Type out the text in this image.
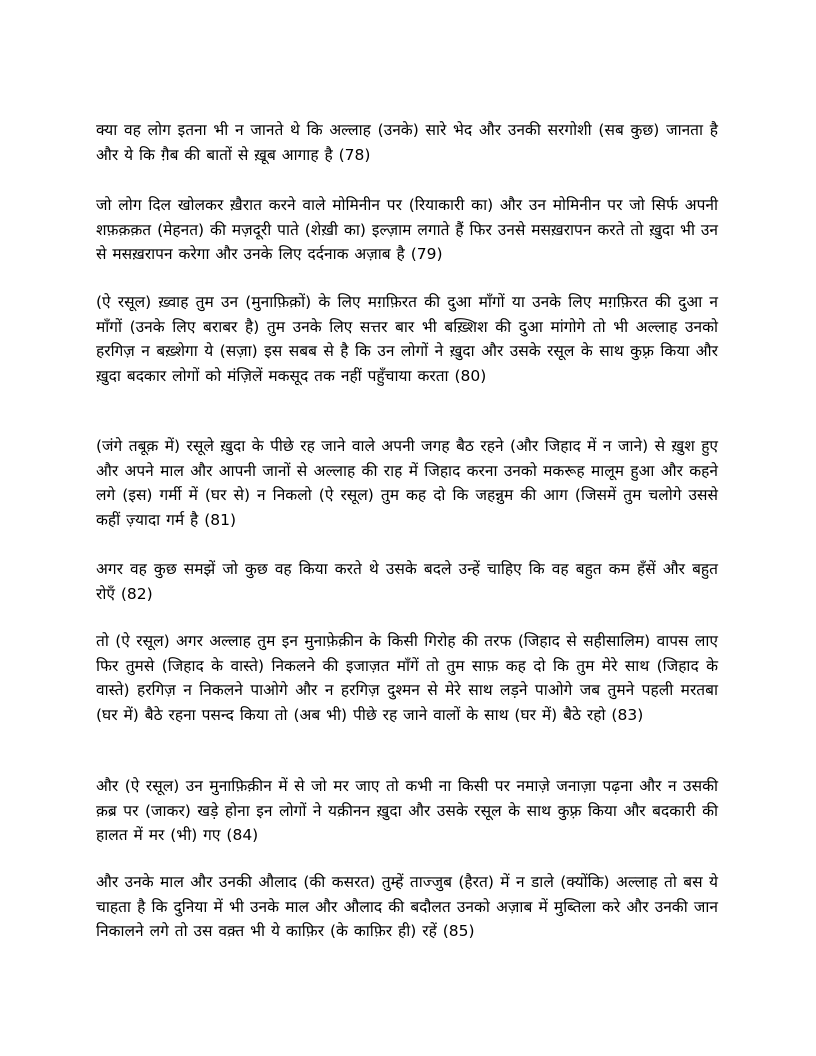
क्या वह लोग इतना भी न जानते थे कि अल्लाह (उनके) सारे भेद और उनकी सरगोशी (सब कुछ) जानता है और ये कि ग़ैब की बातों से ख़ूब आगाह है (78)

जो लोग दिल खोलकर ख़ैरात करने वाले मोमिनीन पर (रियाकारी का) और उन मोमिनीन पर जो सिर्फ अपनी शफ़क़क़त (मेहनत) की मज़दूरी पाते (शेख़ी का) इल्ज़ाम लगाते हैं फिर उनसे मसख़रापन करते तो ख़ुदा भी उन से मसख़रापन करेगा और उनके लिए दर्दनाक अज़ाब है (79)

(ऐ रसूल) ख़्वाह तुम उन (मुनाफ़िक़ों) के लिए मग़फ़िरत की दुआ माँगों या उनके लिए मग़फ़िरत की दुआ न माँगों (उनके लिए बराबर है) तुम उनके लिए सत्तर बार भी बख़्शिश की दुआ मांगोगे तो भी अल्लाह उनको हरगिज़ न बख़्शेगा ये (सज़ा) इस सबब से है कि उन लोगों ने ख़ुदा और उसके रसूल के साथ कुफ़्र किया और ख़ुदा बदकार लोगों को मंज़िलें मकसूद तक नहीं पहुँचाया करता (80)

(जंगे तबूक़ में) रसूले ख़ुदा के पीछे रह जाने वाले अपनी जगह बैठ रहने (और जिहाद में न जाने) से ख़ुश हुए और अपने माल और आपनी जानों से अल्लाह की राह में जिहाद करना उनको मकरूह मालूम हुआ और कहने लगे (इस) गर्मी में (घर से) न निकलो (ऐ रसूल) तुम कह दो कि जहन्नुम की आग (जिसमें तुम चलोगे उससे कहीं ज़्यादा गर्म है (81)

अगर वह कुछ समझें जो कुछ वह किया करते थे उसके बदले उन्हें चाहिए कि वह बहुत कम हँसें और बहुत रोएँ (82)

तो (ऐ रसूल) अगर अल्लाह तुम इन मुनाफ़ेक़ीन के किसी गिरोह की तरफ (जिहाद से सहीसालिम) वापस लाए फिर तुमसे (जिहाद के वास्ते) निकलने की इजाज़त माँगें तो तुम साफ़ कह दो कि तुम मेरे साथ (जिहाद के वास्ते) हरगिज़ न निकलने पाओगे और न हरगिज़ दुश्मन से मेरे साथ लड़ने पाओगे जब तुमने पहली मरतबा (घर में) बैठे रहना पसन्द किया तो (अब भी) पीछे रह जाने वालों के साथ (घर में) बैठे रहो (83)

और (ऐ रसूल) उन मुनाफ़िक़ीन में से जो मर जाए तो कभी ना किसी पर नमाज़े जनाज़ा पढ़ना और न उसकी क़ब्र पर (जाकर) खड़े होना इन लोगों ने यक़ीनन ख़ुदा और उसके रसूल के साथ कुफ़्र किया और बदकारी की हालत में मर (भी) गए (84)

और उनके माल और उनकी औलाद (की कसरत) तुम्हें ताज्जुब (हैरत) में न डाले (क्योंकि) अल्लाह तो बस ये चाहता है कि दुनिया में भी उनके माल और औलाद की बदौलत उनको अज़ाब में मुब्तिला करे और उनकी जान निकालने लगे तो उस वक़्त भी ये काफ़िर (के काफ़िर ही) रहें (85)
